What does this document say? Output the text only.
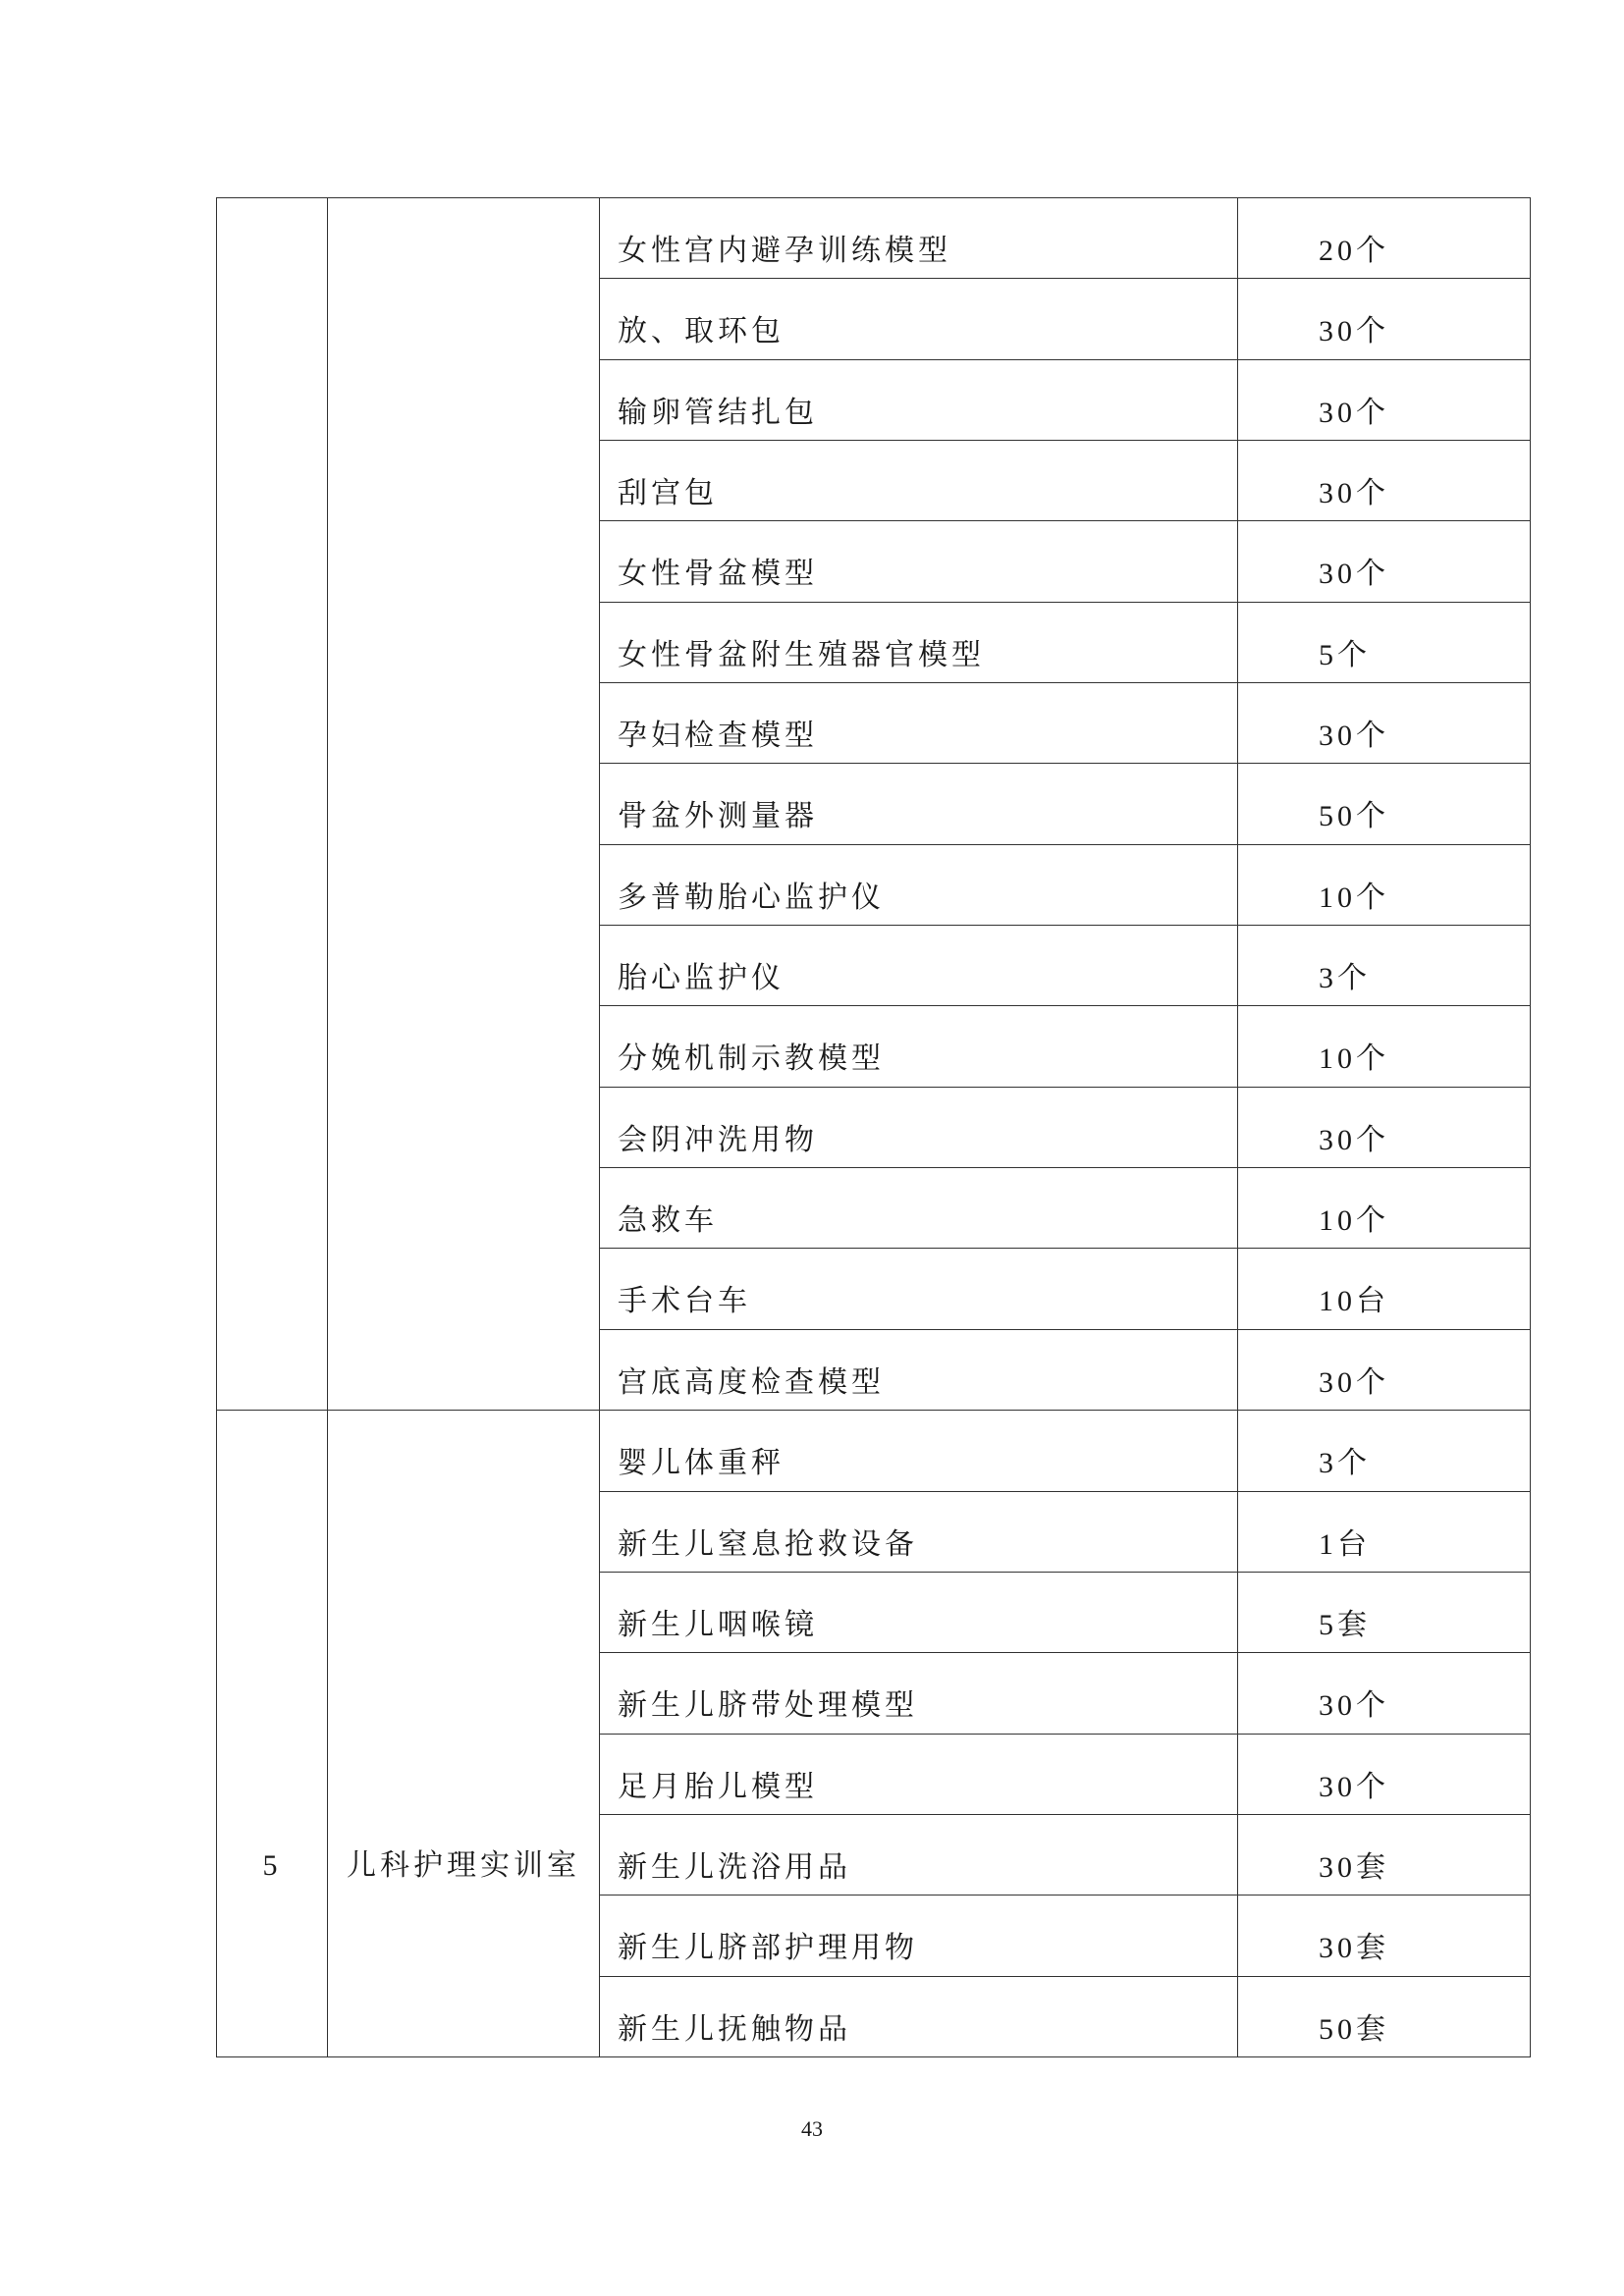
		女性宫内避孕训练模型	20个
		放、取环包	30个
		输卵管结扎包	30个
		刮宫包	30个
		女性骨盆模型	30个
		女性骨盆附生殖器官模型	5个
		孕妇检查模型	30个
		骨盆外测量器	50个
		多普勒胎心监护仪	10个
		胎心监护仪	3个
		分娩机制示教模型	10个
		会阴冲洗用物	30个
		急救车	10个
		手术台车	10台
		宫底高度检查模型	30个
5	儿科护理实训室	婴儿体重秤	3个
		新生儿窒息抢救设备	1台
		新生儿咽喉镜	5套
		新生儿脐带处理模型	30个
		足月胎儿模型	30个
		新生儿洗浴用品	30套
		新生儿脐部护理用物	30套
		新生儿抚触物品	50套
43
